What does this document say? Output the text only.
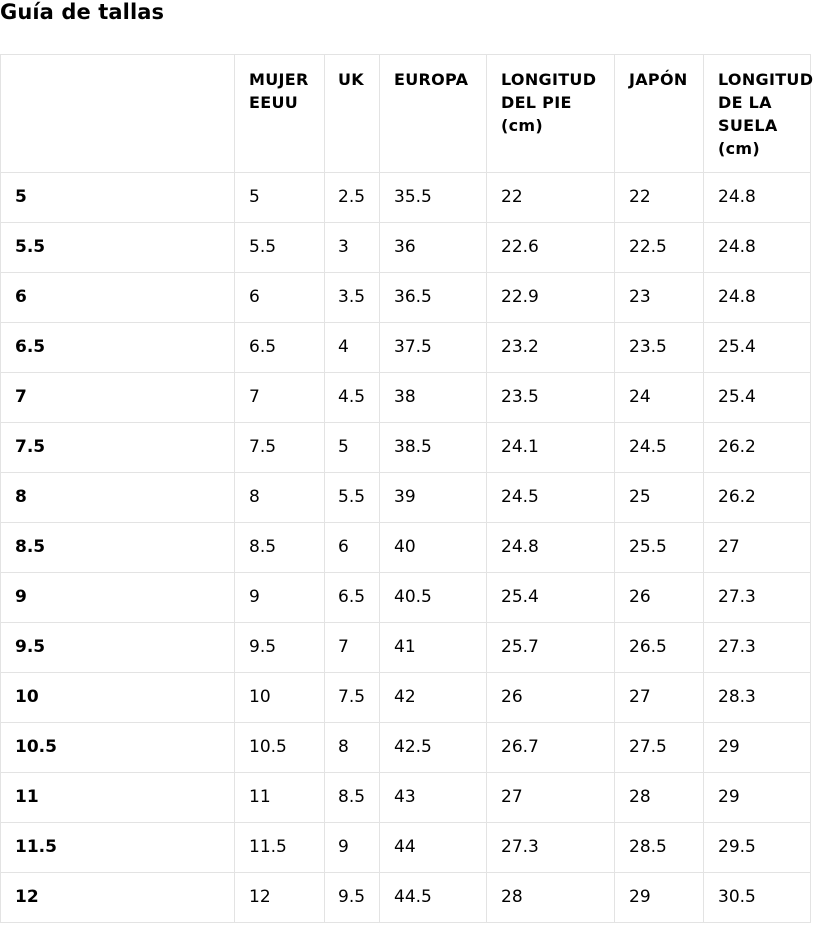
Guía de tallas
	MUJER EEUU	UK	EUROPA	LONGITUD DEL PIE (cm)	JAPÓN	LONGITUD DE LA SUELA (cm)
5	5	2.5	35.5	22	22	24.8
5.5	5.5	3	36	22.6	22.5	24.8
6	6	3.5	36.5	22.9	23	24.8
6.5	6.5	4	37.5	23.2	23.5	25.4
7	7	4.5	38	23.5	24	25.4
7.5	7.5	5	38.5	24.1	24.5	26.2
8	8	5.5	39	24.5	25	26.2
8.5	8.5	6	40	24.8	25.5	27
9	9	6.5	40.5	25.4	26	27.3
9.5	9.5	7	41	25.7	26.5	27.3
10	10	7.5	42	26	27	28.3
10.5	10.5	8	42.5	26.7	27.5	29
11	11	8.5	43	27	28	29
11.5	11.5	9	44	27.3	28.5	29.5
12	12	9.5	44.5	28	29	30.5
